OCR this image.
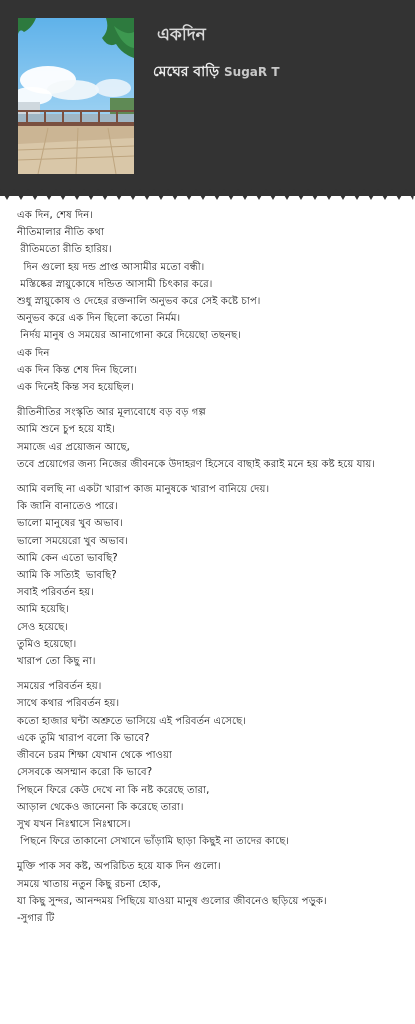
একদিন
মেঘের বাড়ি SugaR T
এক দিন, শেষ দিন।
নীতিমালার নীতি কথা
রীতিমতো রীতি হারিয়।
দিন গুলো হয় দন্ড প্রাপ্ত আসামীর মতো বন্ধী।
মস্তিষ্কের স্নায়ুকোষে দন্ডিত আসামী চিৎকার করে।
শুধু স্নায়ুকোষ ও দেহের রক্তনালি অনুভব করে সেই কষ্টে চাপ।
অনুভব করে এক দিন ছিলো কতো নির্মম।
নির্দয় মানুষ ও সময়ের আনাগোনা করে দিয়েছো তছনছ।
এক দিন
এক দিন কিন্ত শেষ দিন ছিলো।
এক দিনেই কিন্ত সব হয়েছিল।
রীতিনীতির সংস্কৃতি আর মূল্যবোধে বড় বড় গল্প
আমি শুনে চুপ হয়ে যাই।
সমাজে এর প্রয়োজন আছে,
তবে প্রয়োগের জন্য নিজের জীবনকে উদাহরণ হিসেবে বাছাই করাই মনে হয় কষ্ট হয়ে যায়।
আমি বলছি না একটা খারাপ কাজ মানুষকে খারাপ বানিয়ে দেয়।
কি জানি বানাতেও পারে।
ভালো মানুষের খুব অভাব।
ভালো সময়েরো খুব অভাব।
আমি কেন এতো ভাবছি?
আমি কি সত্যিই  ভাবছি?
সবাই পরিবর্তন হয়।
আমি হয়েছি।
সেও হয়েছে।
তুমিও হয়েছো।
খারাপ তো কিছু না।
সময়ের পরিবর্তন হয়।
সাথে কথার পরিবর্তন হয়।
কতো হাজার ঘন্টা অশ্রুতে ভাসিয়ে এই পরিবর্তন এসেছে।
একে তুমি খারাপ বলো কি ভাবে?
জীবনে চরম শিক্ষা যেখান থেকে পাওয়া
সেসবকে অসম্মান করো কি ভাবে?
পিছনে ফিরে কেউ দেখে না কি নষ্ট করেছে তারা,
আড়াল থেকেও জানেনা কি করেছে তারা।
সুখ যখন নিঃশ্বাসে নিঃশ্বাসে।
পিছনে ফিরে তাকানো সেখানে ভাঁড়ামি ছাড়া কিছুই না তাদের কাছে।
মুক্তি পাক সব কষ্ট, অপরিচিত হয়ে যাক দিন গুলো।
সময়ে খাতায় নতুন কিছু রচনা হোক,
যা কিছু সুন্দর, আনন্দময় পিছিয়ে যাওয়া মানুষ গুলোর জীবনেও ছড়িয়ে পড়ুক।
-সুগার টি
